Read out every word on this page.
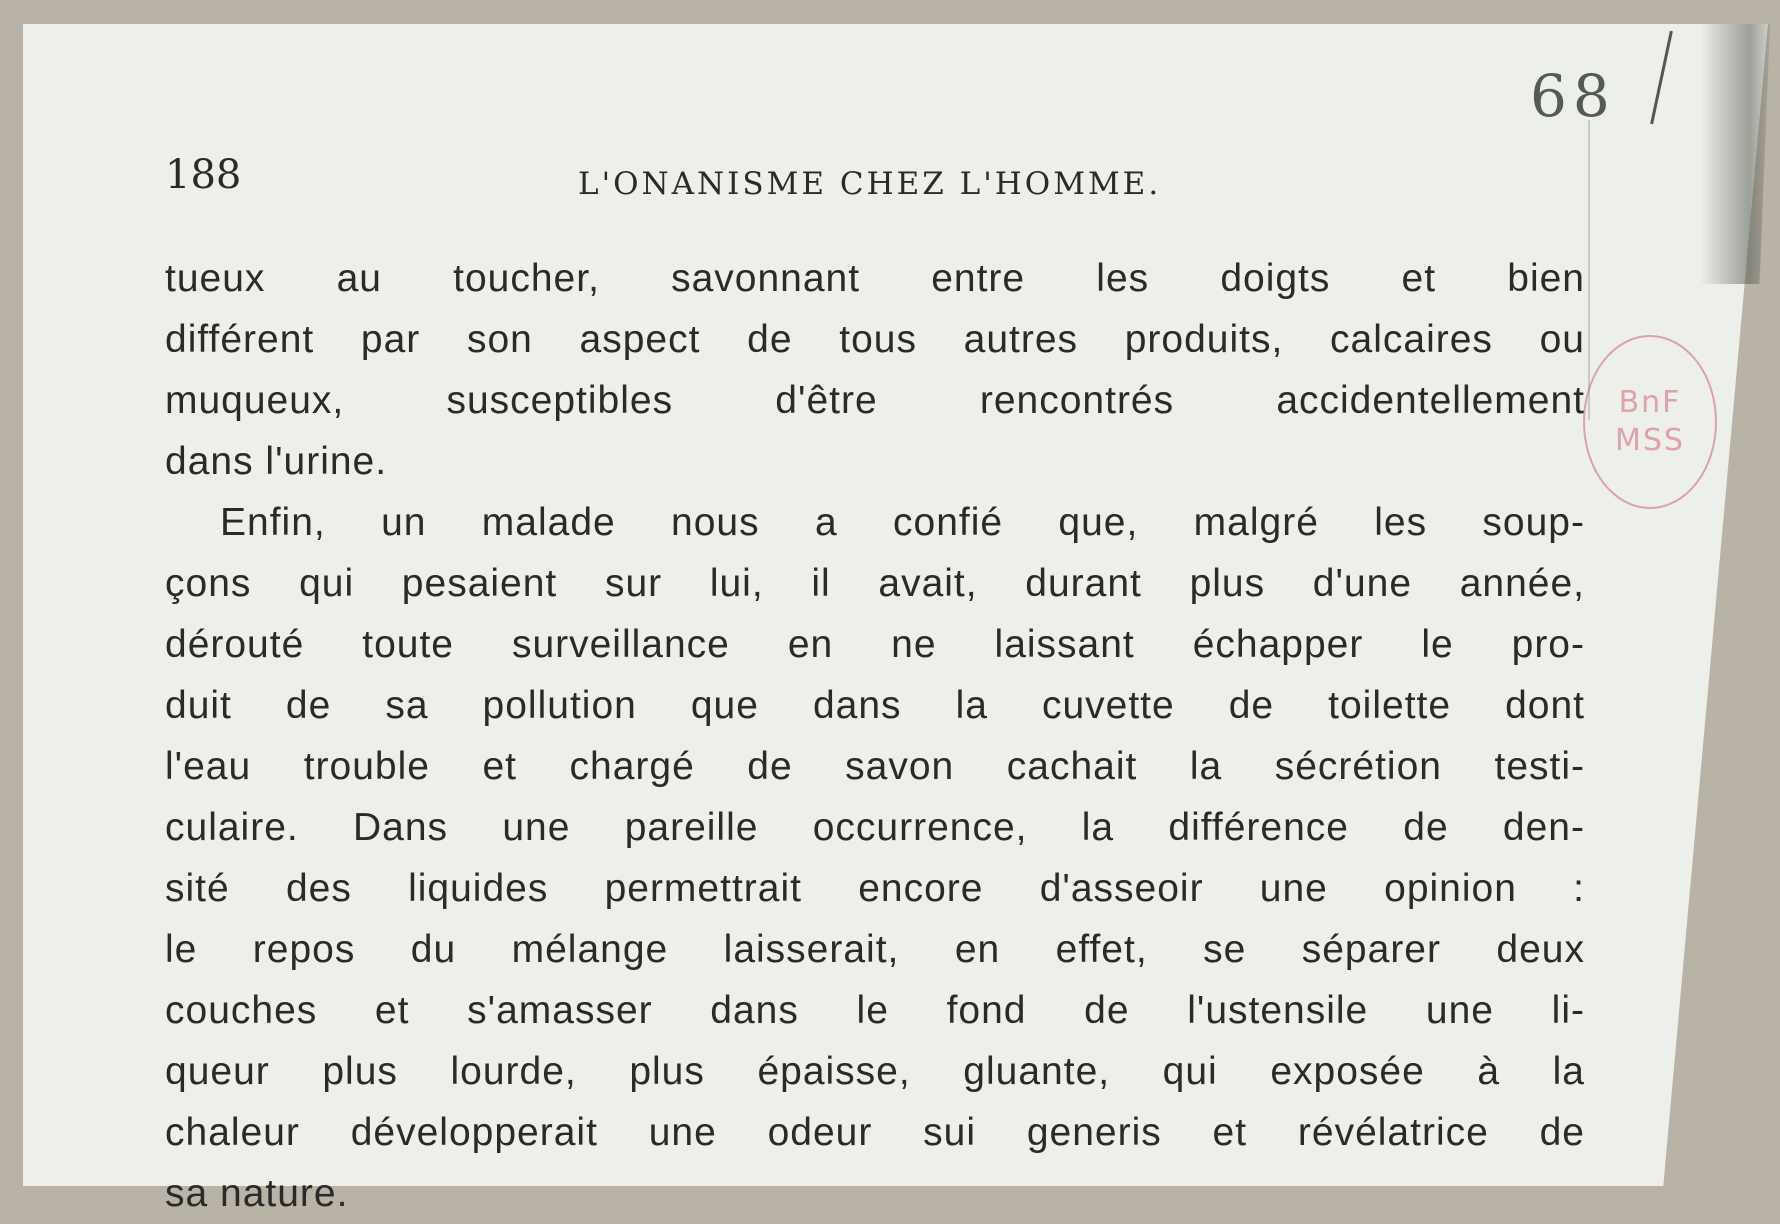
68
188	L'ONANISME CHEZ L'HOMME.
BnF
MSS
tueux au toucher, savonnant entre les doigts et bien
différent par son aspect de tous autres produits, calcaires ou
muqueux, susceptibles d'être rencontrés accidentellement
dans l'urine.
Enfin, un malade nous a confié que, malgré les soup-
çons qui pesaient sur lui, il avait, durant plus d'une année,
dérouté toute surveillance en ne laissant échapper le pro-
duit de sa pollution que dans la cuvette de toilette dont
l'eau trouble et chargé de savon cachait la sécrétion testi-
culaire. Dans une pareille occurrence, la différence de den-
sité des liquides permettrait encore d'asseoir une opinion :
le repos du mélange laisserait, en effet, se séparer deux
couches et s'amasser dans le fond de l'ustensile une li-
queur plus lourde, plus épaisse, gluante, qui exposée à la
chaleur développerait une odeur sui generis et révélatrice de
sa nature.
